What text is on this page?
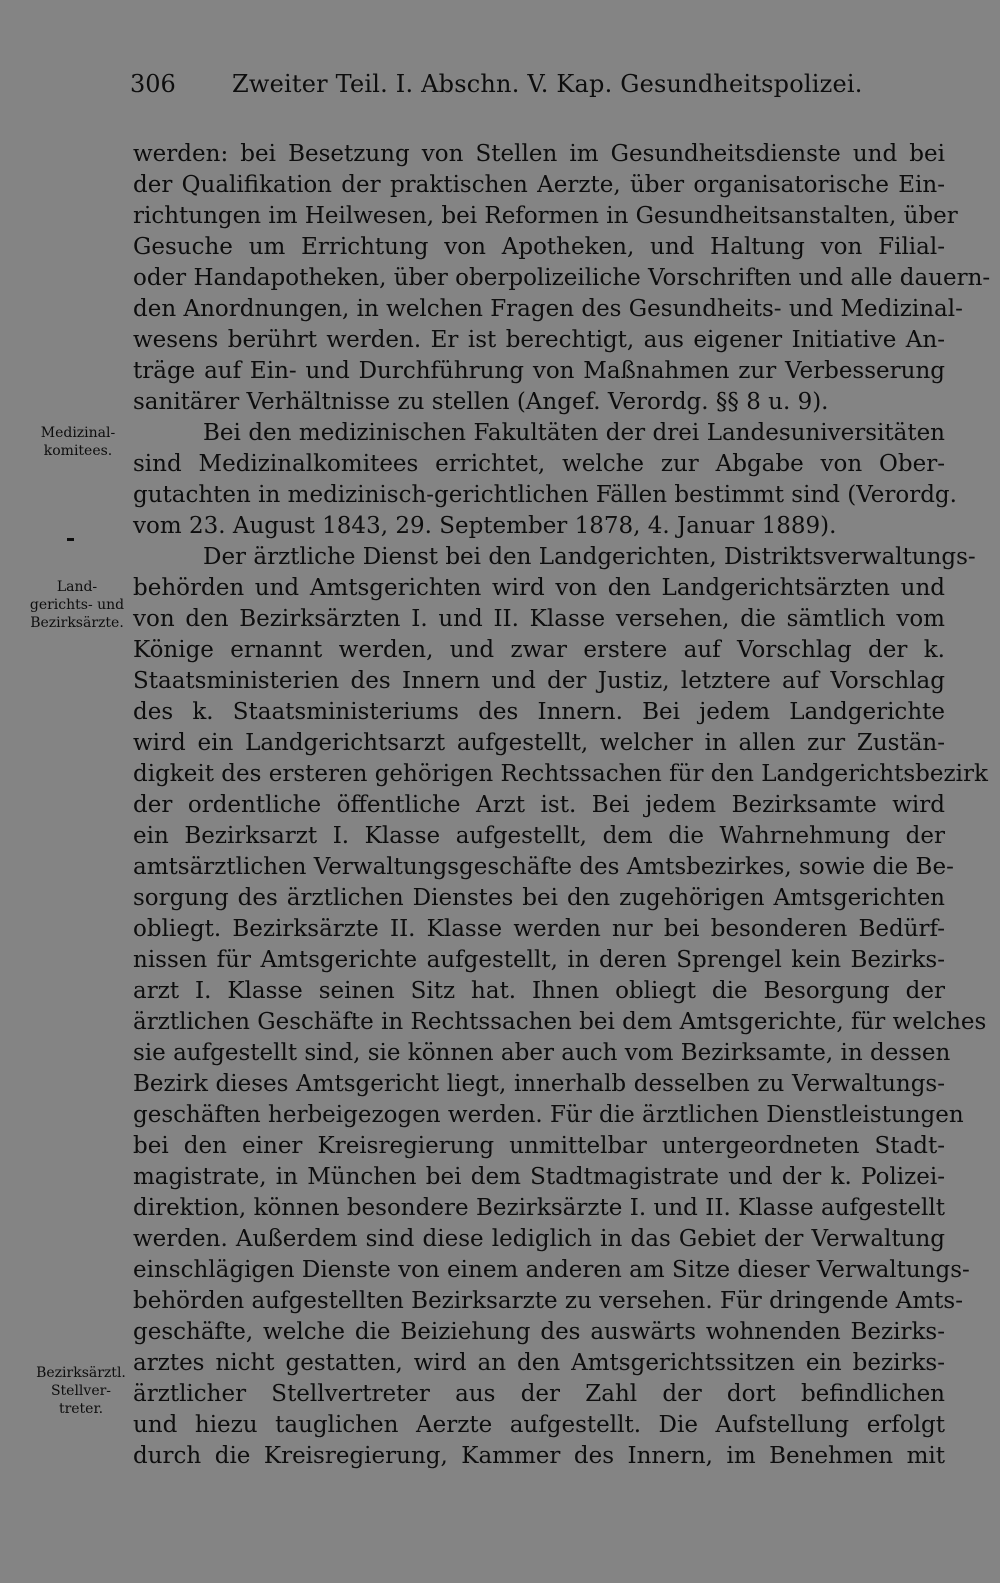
306 Zweiter Teil. I. Abschn. V. Kap. Gesundheitspolizei.
Medizinal-
komitees.
Land-
gerichts- und
Bezirksärzte.
Bezirksärztl.
Stellver-
treter.
werden: bei Besetzung von Stellen im Gesundheitsdienste und bei
der Qualifikation der praktischen Aerzte, über organisatorische Ein-
richtungen im Heilwesen, bei Reformen in Gesundheitsanstalten, über
Gesuche um Errichtung von Apotheken, und Haltung von Filial-
oder Handapotheken, über oberpolizeiliche Vorschriften und alle dauern-
den Anordnungen, in welchen Fragen des Gesundheits- und Medizinal-
wesens berührt werden. Er ist berechtigt, aus eigener Initiative An-
träge auf Ein- und Durchführung von Maßnahmen zur Verbesserung
sanitärer Verhältnisse zu stellen (Angef. Verordg. §§ 8 u. 9).
Bei den medizinischen Fakultäten der drei Landesuniversitäten
sind Medizinalkomitees errichtet, welche zur Abgabe von Ober-
gutachten in medizinisch-gerichtlichen Fällen bestimmt sind (Verordg.
vom 23. August 1843, 29. September 1878, 4. Januar 1889).
Der ärztliche Dienst bei den Landgerichten, Distriktsverwaltungs-
behörden und Amtsgerichten wird von den Landgerichtsärzten und
von den Bezirksärzten I. und II. Klasse versehen, die sämtlich vom
Könige ernannt werden, und zwar erstere auf Vorschlag der k.
Staatsministerien des Innern und der Justiz, letztere auf Vorschlag
des k. Staatsministeriums des Innern. Bei jedem Landgerichte
wird ein Landgerichtsarzt aufgestellt, welcher in allen zur Zustän-
digkeit des ersteren gehörigen Rechtssachen für den Landgerichtsbezirk
der ordentliche öffentliche Arzt ist. Bei jedem Bezirksamte wird
ein Bezirksarzt I. Klasse aufgestellt, dem die Wahrnehmung der
amtsärztlichen Verwaltungsgeschäfte des Amtsbezirkes, sowie die Be-
sorgung des ärztlichen Dienstes bei den zugehörigen Amtsgerichten
obliegt. Bezirksärzte II. Klasse werden nur bei besonderen Bedürf-
nissen für Amtsgerichte aufgestellt, in deren Sprengel kein Bezirks-
arzt I. Klasse seinen Sitz hat. Ihnen obliegt die Besorgung der
ärztlichen Geschäfte in Rechtssachen bei dem Amtsgerichte, für welches
sie aufgestellt sind, sie können aber auch vom Bezirksamte, in dessen
Bezirk dieses Amtsgericht liegt, innerhalb desselben zu Verwaltungs-
geschäften herbeigezogen werden. Für die ärztlichen Dienstleistungen
bei den einer Kreisregierung unmittelbar untergeordneten Stadt-
magistrate, in München bei dem Stadtmagistrate und der k. Polizei-
direktion, können besondere Bezirksärzte I. und II. Klasse aufgestellt
werden. Außerdem sind diese lediglich in das Gebiet der Verwaltung
einschlägigen Dienste von einem anderen am Sitze dieser Verwaltungs-
behörden aufgestellten Bezirksarzte zu versehen. Für dringende Amts-
geschäfte, welche die Beiziehung des auswärts wohnenden Bezirks-
arztes nicht gestatten, wird an den Amtsgerichtssitzen ein bezirks-
ärztlicher Stellvertreter aus der Zahl der dort befindlichen
und hiezu tauglichen Aerzte aufgestellt. Die Aufstellung erfolgt
durch die Kreisregierung, Kammer des Innern, im Benehmen mit
